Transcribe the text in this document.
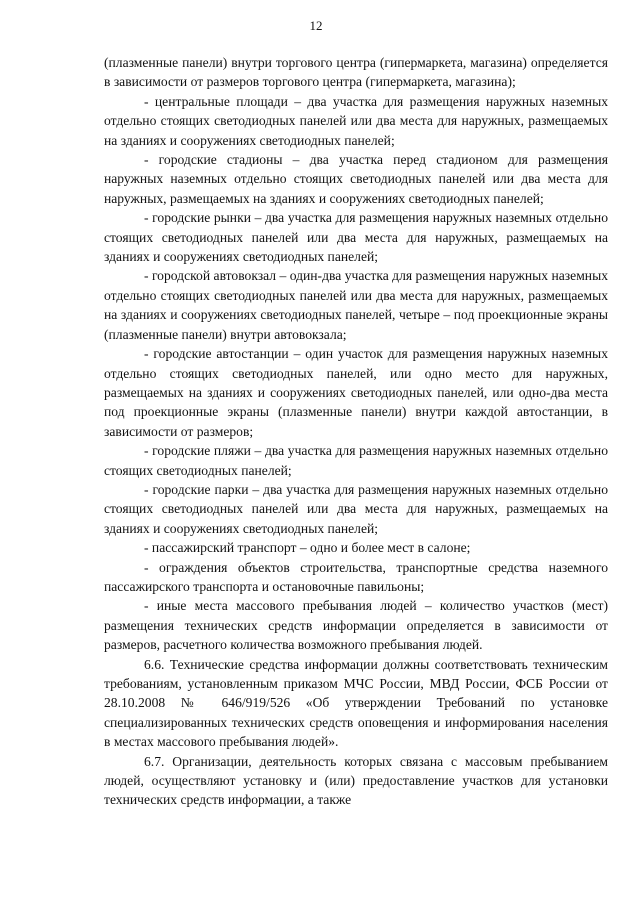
12

(плазменные панели) внутри торгового центра (гипермаркета, магазина) определяется в зависимости от размеров торгового центра (гипермаркета, магазина);

- центральные площади – два участка для размещения наружных наземных отдельно стоящих светодиодных панелей или два места для наружных, размещаемых на зданиях и сооружениях светодиодных панелей;

- городские стадионы – два участка перед стадионом для размещения наружных наземных отдельно стоящих светодиодных панелей или два места для наружных, размещаемых на зданиях и сооружениях светодиодных панелей;

- городские рынки – два участка для размещения наружных наземных отдельно стоящих светодиодных панелей или два места для наружных, размещаемых на зданиях и сооружениях светодиодных панелей;

- городской автовокзал – один-два участка для размещения наружных наземных отдельно стоящих светодиодных панелей или два места для наружных, размещаемых на зданиях и сооружениях светодиодных панелей, четыре – под проекционные экраны (плазменные панели) внутри автовокзала;

- городские автостанции – один участок для размещения наружных наземных отдельно стоящих светодиодных панелей, или одно место для наружных, размещаемых на зданиях и сооружениях светодиодных панелей, или одно-два места под проекционные экраны (плазменные панели) внутри каждой автостанции, в зависимости от размеров;

- городские пляжи – два участка для размещения наружных наземных отдельно стоящих светодиодных панелей;

- городские парки – два участка для размещения наружных наземных отдельно стоящих светодиодных панелей или два места для наружных, размещаемых на зданиях и сооружениях светодиодных панелей;

- пассажирский транспорт – одно и более мест в салоне;

- ограждения объектов строительства, транспортные средства наземного пассажирского транспорта и остановочные павильоны;

- иные места массового пребывания людей – количество участков (мест) размещения технических средств информации определяется в зависимости от размеров, расчетного количества возможного пребывания людей.

6.6. Технические средства информации должны соответствовать техническим требованиям, установленным приказом МЧС России, МВД России, ФСБ России от 28.10.2008 № 646/919/526 «Об утверждении Требований по установке специализированных технических средств оповещения и информирования населения в местах массового пребывания людей».

6.7. Организации, деятельность которых связана с массовым пребыванием людей, осуществляют установку и (или) предоставление участков для установки технических средств информации, а также
